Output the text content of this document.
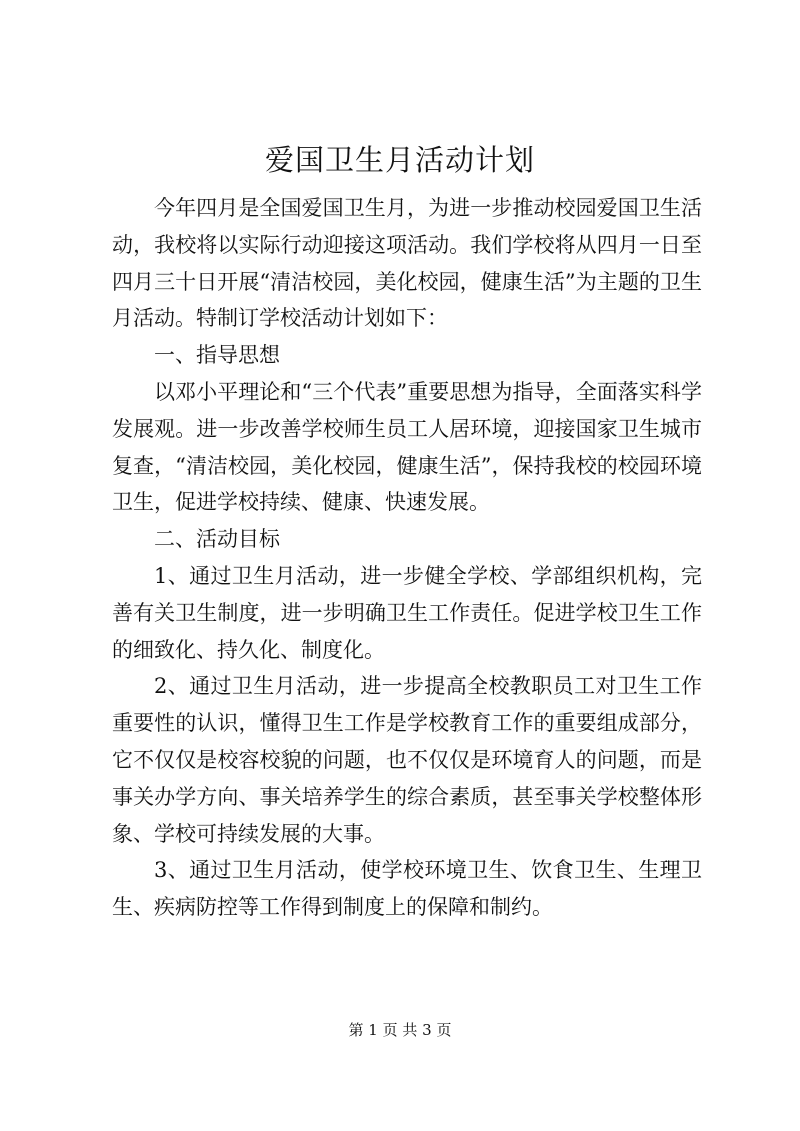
爱国卫生月活动计划

今年四月是全国爱国卫生月，为进一步推动校园爱国卫生活动，我校将以实际行动迎接这项活动。我们学校将从四月一日至四月三十日开展“清洁校园，美化校园，健康生活”为主题的卫生月活动。特制订学校活动计划如下：

一、指导思想

以邓小平理论和“三个代表”重要思想为指导，全面落实科学发展观。进一步改善学校师生员工人居环境，迎接国家卫生城市复查，“清洁校园，美化校园，健康生活”，保持我校的校园环境卫生，促进学校持续、健康、快速发展。

二、活动目标

1、通过卫生月活动，进一步健全学校、学部组织机构，完善有关卫生制度，进一步明确卫生工作责任。促进学校卫生工作的细致化、持久化、制度化。

2、通过卫生月活动，进一步提高全校教职员工对卫生工作重要性的认识，懂得卫生工作是学校教育工作的重要组成部分，它不仅仅是校容校貌的问题，也不仅仅是环境育人的问题，而是事关办学方向、事关培养学生的综合素质，甚至事关学校整体形象、学校可持续发展的大事。

3、通过卫生月活动，使学校环境卫生、饮食卫生、生理卫生、疾病防控等工作得到制度上的保障和制约。

第 1 页 共 3 页
